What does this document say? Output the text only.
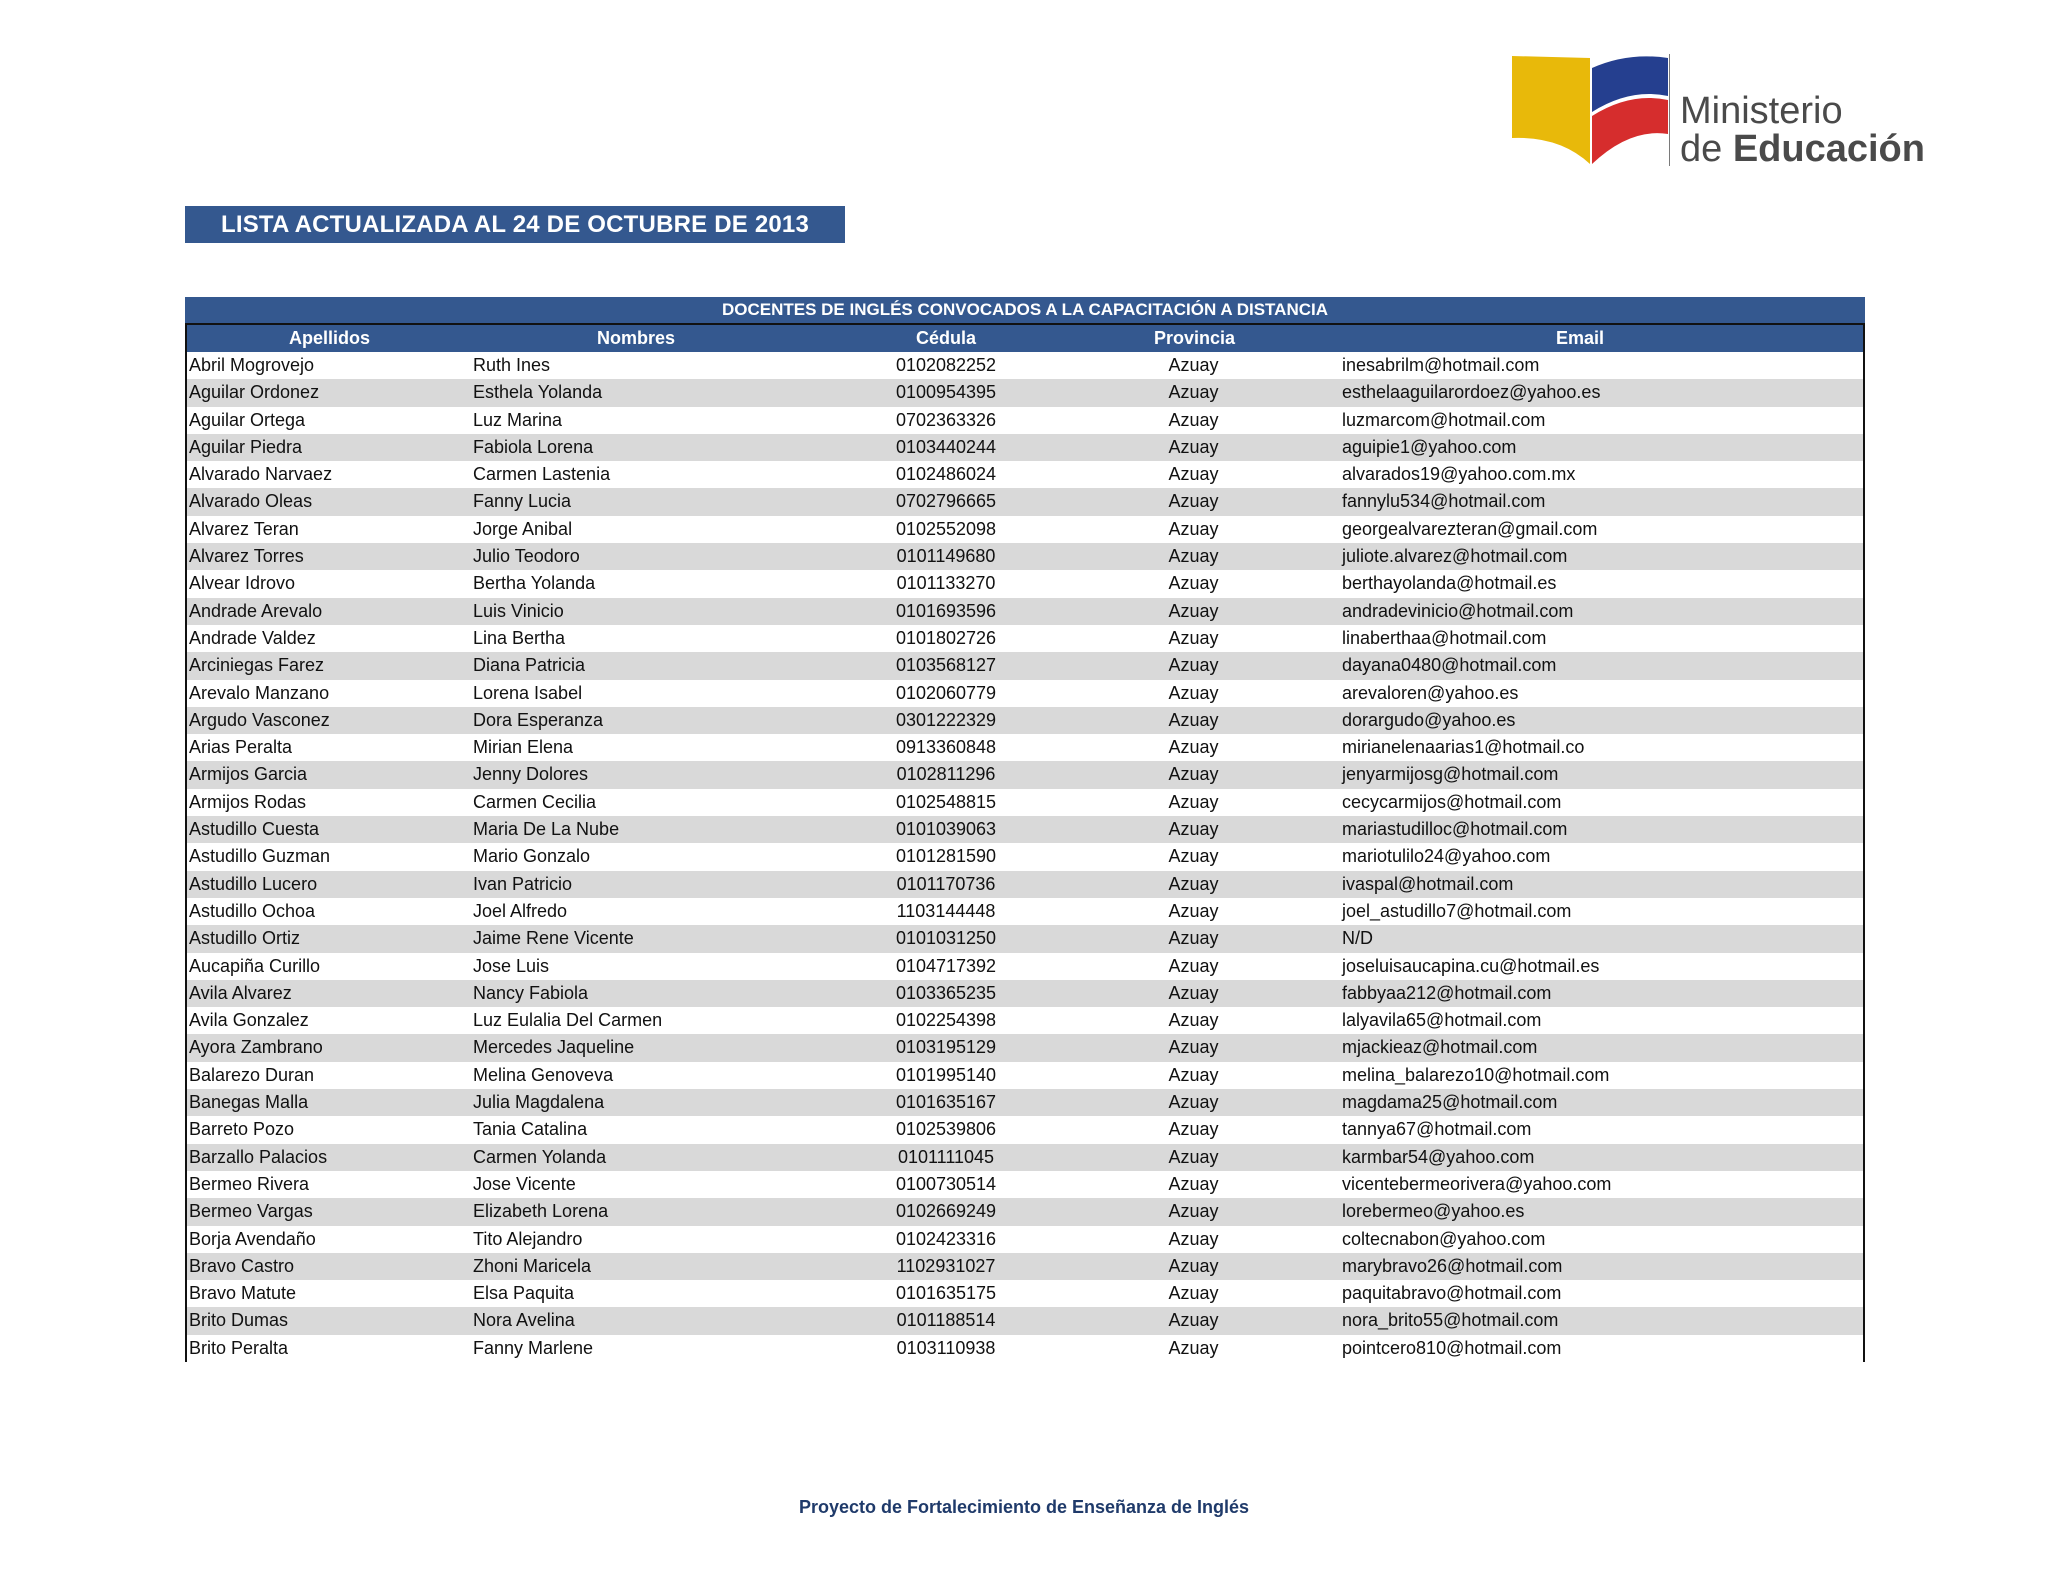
Ministerio
de Educación
LISTA ACTUALIZADA AL 24 DE OCTUBRE DE 2013
DOCENTES DE INGLÉS CONVOCADOS A LA CAPACITACIÓN A DISTANCIA
Apellidos	Nombres	Cédula	Provincia	Email
Abril Mogrovejo	Ruth Ines	0102082252	Azuay	inesabrilm@hotmail.com
Aguilar Ordonez	Esthela Yolanda	0100954395	Azuay	esthelaaguilarordoez@yahoo.es
Aguilar Ortega	Luz Marina	0702363326	Azuay	luzmarcom@hotmail.com
Aguilar Piedra	Fabiola Lorena	0103440244	Azuay	aguipie1@yahoo.com
Alvarado Narvaez	Carmen Lastenia	0102486024	Azuay	alvarados19@yahoo.com.mx
Alvarado Oleas	Fanny Lucia	0702796665	Azuay	fannylu534@hotmail.com
Alvarez Teran	Jorge Anibal	0102552098	Azuay	georgealvarezteran@gmail.com
Alvarez Torres	Julio Teodoro	0101149680	Azuay	juliote.alvarez@hotmail.com
Alvear Idrovo	Bertha Yolanda	0101133270	Azuay	berthayolanda@hotmail.es
Andrade Arevalo	Luis Vinicio	0101693596	Azuay	andradevinicio@hotmail.com
Andrade Valdez	Lina Bertha	0101802726	Azuay	linaberthaa@hotmail.com
Arciniegas Farez	Diana Patricia	0103568127	Azuay	dayana0480@hotmail.com
Arevalo Manzano	Lorena Isabel	0102060779	Azuay	arevaloren@yahoo.es
Argudo Vasconez	Dora Esperanza	0301222329	Azuay	dorargudo@yahoo.es
Arias Peralta	Mirian Elena	0913360848	Azuay	mirianelenaarias1@hotmail.co
Armijos Garcia	Jenny Dolores	0102811296	Azuay	jenyarmijosg@hotmail.com
Armijos Rodas	Carmen Cecilia	0102548815	Azuay	cecycarmijos@hotmail.com
Astudillo Cuesta	Maria De La Nube	0101039063	Azuay	mariastudilloc@hotmail.com
Astudillo Guzman	Mario Gonzalo	0101281590	Azuay	mariotulilo24@yahoo.com
Astudillo Lucero	Ivan Patricio	0101170736	Azuay	ivaspal@hotmail.com
Astudillo Ochoa	Joel Alfredo	1103144448	Azuay	joel_astudillo7@hotmail.com
Astudillo Ortiz	Jaime Rene Vicente	0101031250	Azuay	N/D
Aucapiña Curillo	Jose Luis	0104717392	Azuay	joseluisaucapina.cu@hotmail.es
Avila Alvarez	Nancy Fabiola	0103365235	Azuay	fabbyaa212@hotmail.com
Avila Gonzalez	Luz Eulalia Del Carmen	0102254398	Azuay	lalyavila65@hotmail.com
Ayora Zambrano	Mercedes Jaqueline	0103195129	Azuay	mjackieaz@hotmail.com
Balarezo Duran	Melina Genoveva	0101995140	Azuay	melina_balarezo10@hotmail.com
Banegas Malla	Julia Magdalena	0101635167	Azuay	magdama25@hotmail.com
Barreto Pozo	Tania Catalina	0102539806	Azuay	tannya67@hotmail.com
Barzallo Palacios	Carmen Yolanda	0101111045	Azuay	karmbar54@yahoo.com
Bermeo Rivera	Jose Vicente	0100730514	Azuay	vicentebermeorivera@yahoo.com
Bermeo Vargas	Elizabeth Lorena	0102669249	Azuay	lorebermeo@yahoo.es
Borja Avendaño	Tito Alejandro	0102423316	Azuay	coltecnabon@yahoo.com
Bravo Castro	Zhoni Maricela	1102931027	Azuay	marybravo26@hotmail.com
Bravo Matute	Elsa Paquita	0101635175	Azuay	paquitabravo@hotmail.com
Brito Dumas	Nora Avelina	0101188514	Azuay	nora_brito55@hotmail.com
Brito Peralta	Fanny Marlene	0103110938	Azuay	pointcero810@hotmail.com
Proyecto de Fortalecimiento de Enseñanza de Inglés
